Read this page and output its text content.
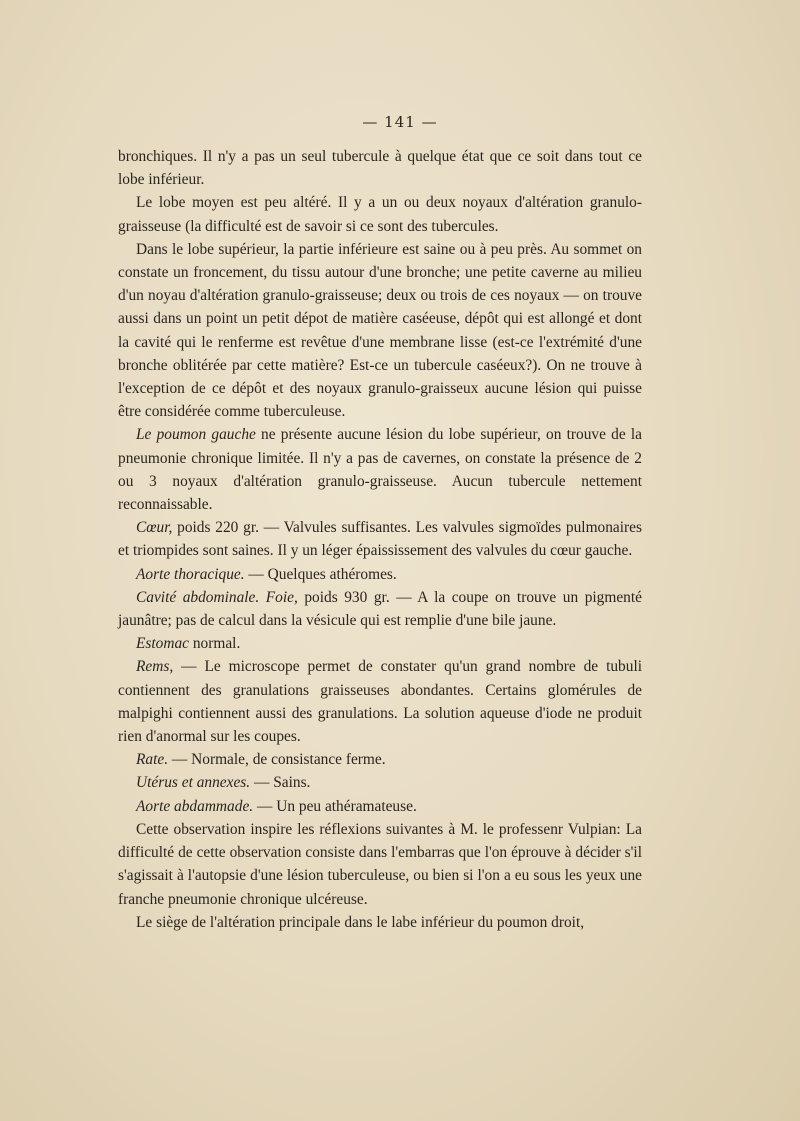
— 141 —

bronchiques. Il n'y a pas un seul tubercule à quelque état que ce soit dans tout ce lobe inférieur.

Le lobe moyen est peu altéré. Il y a un ou deux noyaux d'altération granulo-graisseuse (la difficulté est de savoir si ce sont des tubercules.

Dans le lobe supérieur, la partie inférieure est saine ou à peu près. Au sommet on constate un froncement, du tissu autour d'une bronche; une petite caverne au milieu d'un noyau d'altération granulo-graisseuse; deux ou trois de ces noyaux — on trouve aussi dans un point un petit dépot de matière caséeuse, dépôt qui est allongé et dont la cavité qui le renferme est revêtue d'une membrane lisse (est-ce l'extrémité d'une bronche oblitérée par cette matière? Est-ce un tubercule caséeux?). On ne trouve à l'exception de ce dépôt et des noyaux granulo-graisseux aucune lésion qui puisse être considérée comme tuberculeuse.

Le poumon gauche ne présente aucune lésion du lobe supérieur, on trouve de la pneumonie chronique limitée. Il n'y a pas de cavernes, on constate la présence de 2 ou 3 noyaux d'altération granulo-graisseuse. Aucun tubercule nettement reconnaissable.

Cœur, poids 220 gr. — Valvules suffisantes. Les valvules sigmoïdes pulmonaires et triompides sont saines. Il y un léger épaississement des valvules du cœur gauche.

Aorte thoracique. — Quelques athéromes.

Cavité abdominale. Foie, poids 930 gr. — A la coupe on trouve un pigmenté jaunâtre; pas de calcul dans la vésicule qui est remplie d'une bile jaune.

Estomac normal.

Rems, — Le microscope permet de constater qu'un grand nombre de tubuli contiennent des granulations graisseuses abondantes. Certains glomérules de malpighi contiennent aussi des granulations. La solution aqueuse d'iode ne produit rien d'anormal sur les coupes.

Rate. — Normale, de consistance ferme.

Utérus et annexes. — Sains.

Aorte abdammade. — Un peu athéramateuse.

Cette observation inspire les réflexions suivantes à M. le professenr Vulpian: La difficulté de cette observation consiste dans l'embarras que l'on éprouve à décider s'il s'agissait à l'autopsie d'une lésion tuberculeuse, ou bien si l'on a eu sous les yeux une franche pneumonie chronique ulcéreuse.

Le siège de l'altération principale dans le labe inférieur du poumon droit,
